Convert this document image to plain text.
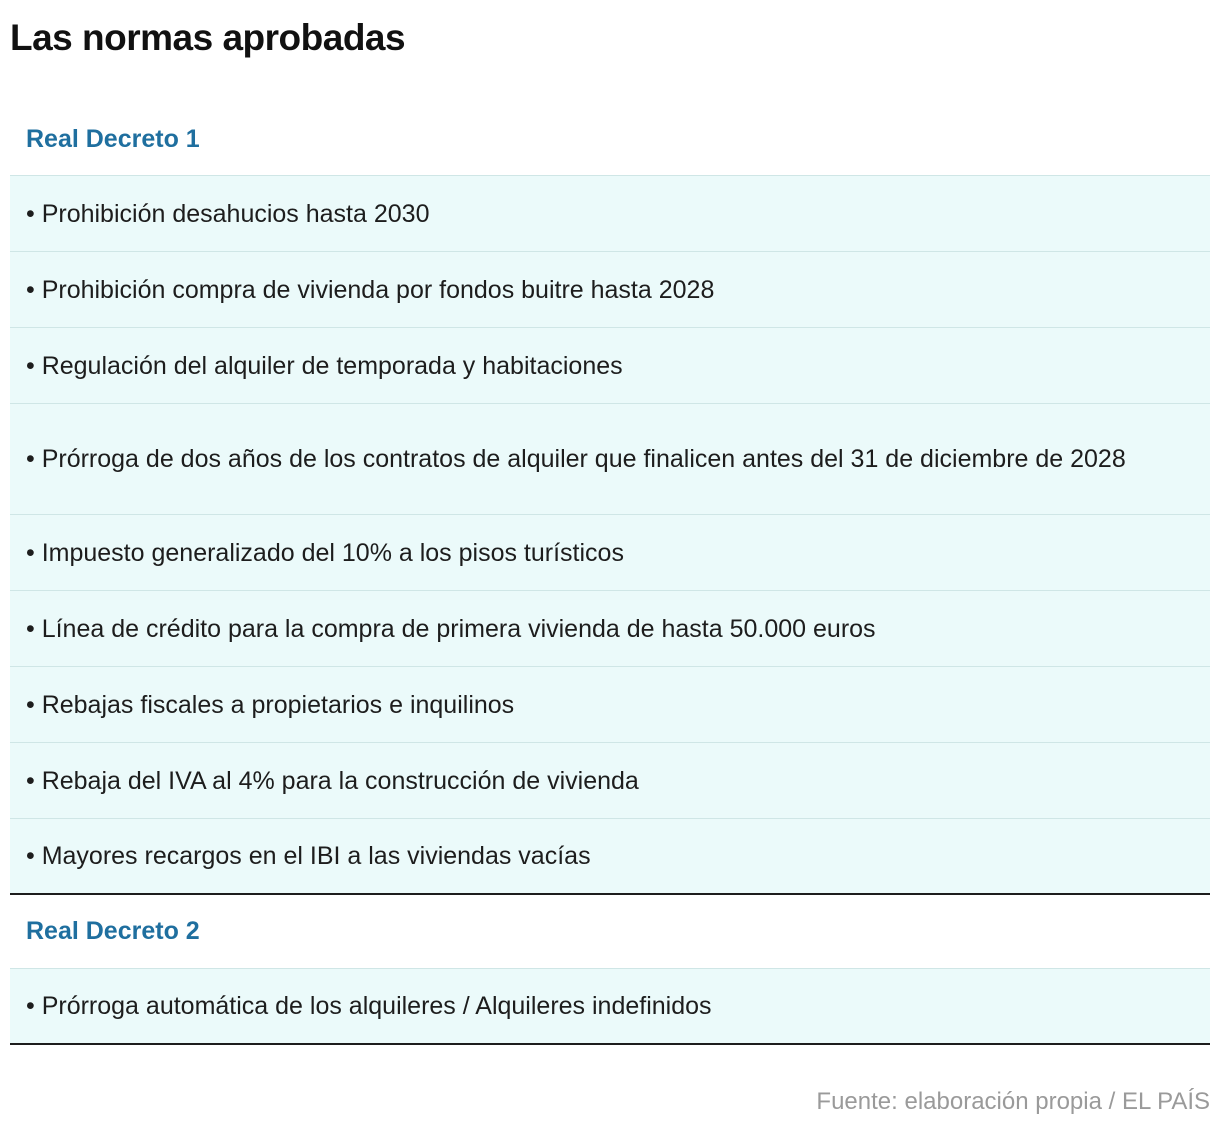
Las normas aprobadas
Real Decreto 1
• Prohibición desahucios hasta 2030
• Prohibición compra de vivienda por fondos buitre hasta 2028
• Regulación del alquiler de temporada y habitaciones
• Prórroga de dos años de los contratos de alquiler que finalicen antes del 31 de diciembre de 2028
• Impuesto generalizado del 10% a los pisos turísticos
• Línea de crédito para la compra de primera vivienda de hasta 50.000 euros
• Rebajas fiscales a propietarios e inquilinos
• Rebaja del IVA al 4% para la construcción de vivienda
• Mayores recargos en el IBI a las viviendas vacías
Real Decreto 2
• Prórroga automática de los alquileres / Alquileres indefinidos
Fuente: elaboración propia / EL PAÍS
